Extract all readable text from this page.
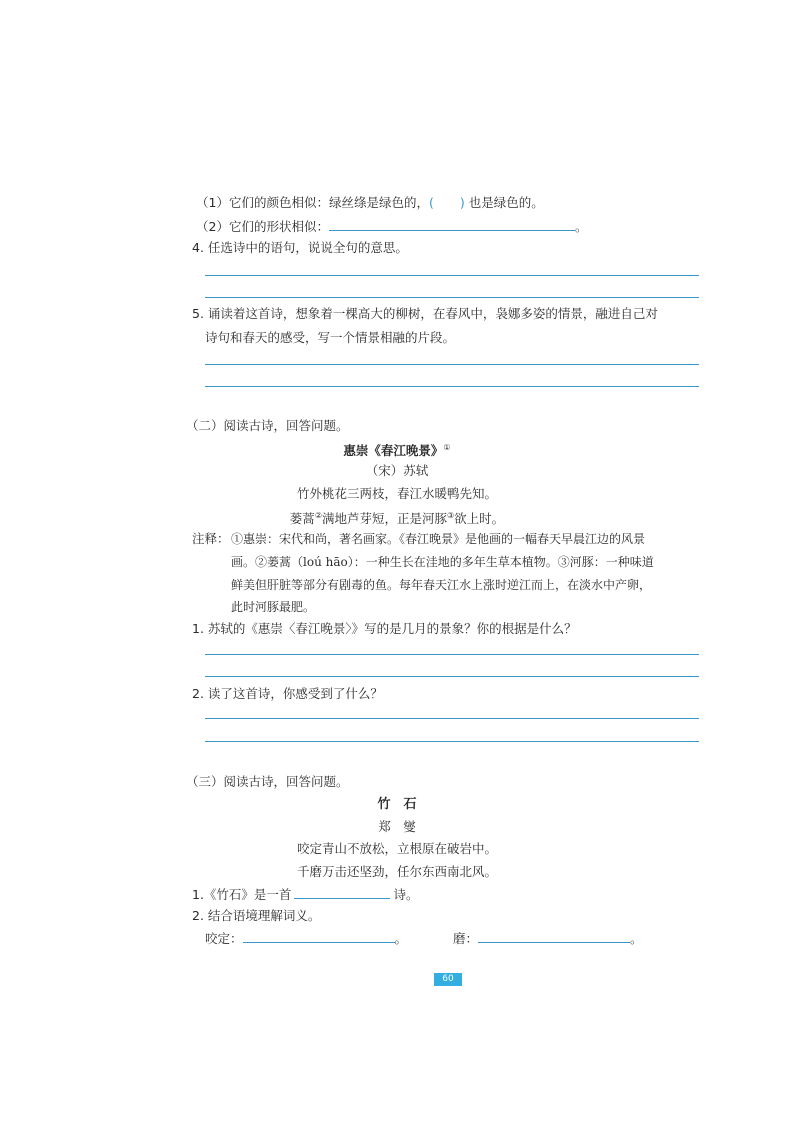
（1）它们的颜色相似：绿丝绦是绿色的，( ) 也是绿色的。
（2）它们的形状相似：	。
4. 任选诗中的语句，说说全句的意思。
5. 诵读着这首诗，想象着一棵高大的柳树，在春风中，袅娜多姿的情景，融进自己对
诗句和春天的感受，写一个情景相融的片段。
（二）阅读古诗，回答问题。
惠崇《春江晚景》①
（宋）苏轼
竹外桃花三两枝，春江水暖鸭先知。
蒌蒿②满地芦芽短，正是河豚③欲上时。
注释： ①惠崇：宋代和尚，著名画家。《春江晚景》是他画的一幅春天早晨江边的风景
画。②蒌蒿（loú hāo）：一种生长在洼地的多年生草本植物。③河豚：一种味道
鲜美但肝脏等部分有剧毒的鱼。每年春天江水上涨时逆江而上，在淡水中产卵，
此时河豚最肥。
1. 苏轼的《惠崇〈春江晚景〉》写的是几月的景象？你的根据是什么？
2. 读了这首诗，你感受到了什么？
（三）阅读古诗，回答问题。
竹　石
郑　燮
咬定青山不放松，立根原在破岩中。
千磨万击还坚劲，任尔东西南北风。
1.《竹石》是一首	诗。
2. 结合语境理解词义。
咬定：	。	磨：	。
60
